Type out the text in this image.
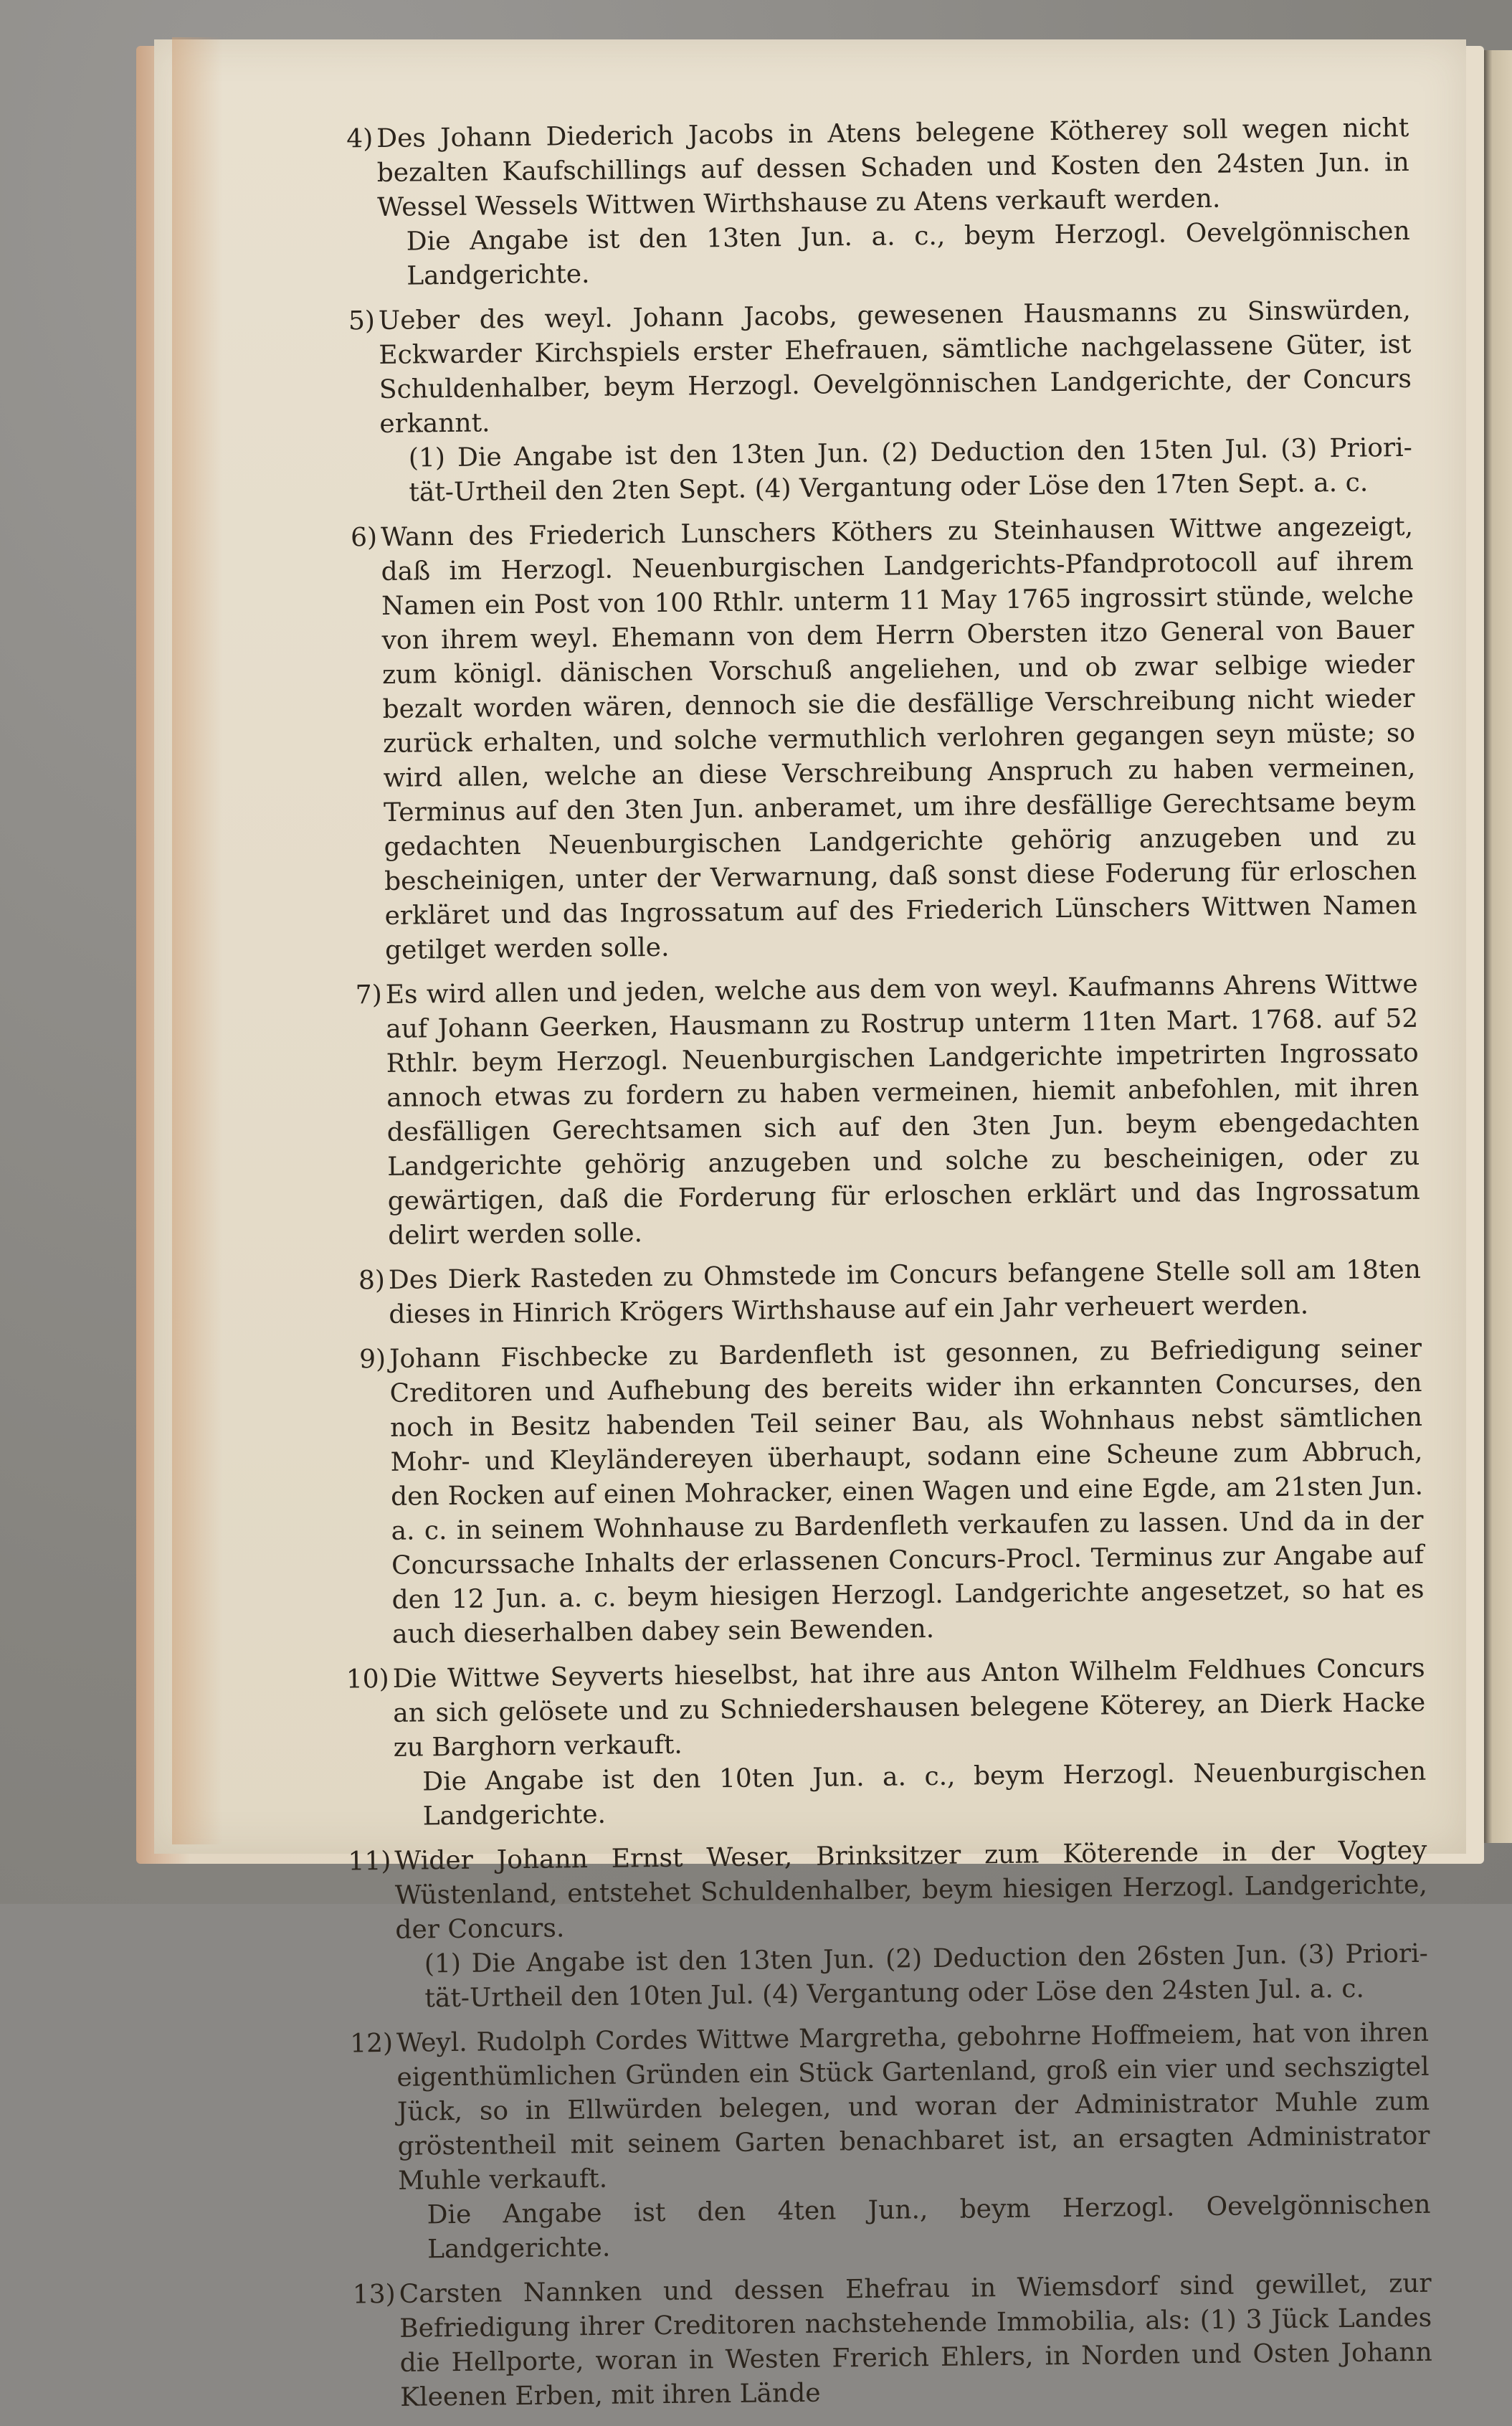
4) Des Johann Diederich Jacobs in Atens belegene Kötherey soll wegen nicht bezalten Kaufschillings auf dessen Schaden und Kosten den 24sten Jun. in Wessel Wessels Wittwen Wirthshause zu Atens verkauft werden.
Die Angabe ist den 13ten Jun. a. c., beym Herzogl. Oevelgönnischen Landgerichte.
5) Ueber des weyl. Johann Jacobs, gewesenen Hausmanns zu Sinswürden, Eckwarder Kirchspiels erster Ehefrauen, sämtliche nachgelassene Güter, ist Schuldenhalber, beym Herzogl. Oevelgönnischen Landgerichte, der Concurs erkannt.
(1) Die Angabe ist den 13ten Jun. (2) Deduction den 15ten Jul. (3) Priori- tät-Urtheil den 2ten Sept. (4) Vergantung oder Löse den 17ten Sept. a. c.
6) Wann des Friederich Lunschers Köthers zu Steinhausen Wittwe angezeigt, daß im Herzogl. Neuenburgischen Landgerichts-Pfandprotocoll auf ihrem Namen ein Post von 100 Rthlr. unterm 11 May 1765 ingrossirt stünde, welche von ihrem weyl. Ehemann von dem Herrn Obersten itzo General von Bauer zum königl. dänischen Vorschuß angeliehen, und ob zwar selbige wieder bezalt worden wären, dennoch sie die desfällige Verschreibung nicht wieder zurück erhalten, und solche vermuthlich verlohren gegangen seyn müste; so wird allen, welche an diese Verschreibung Anspruch zu haben vermeinen, Terminus auf den 3ten Jun. anberamet, um ihre desfällige Gerechtsame beym gedachten Neuenburgischen Landgerichte gehörig anzugeben und zu bescheinigen, unter der Verwarnung, daß sonst diese Foderung für erloschen erkläret und das Ingrossatum auf des Friederich Lünschers Wittwen Namen getilget werden solle.
7) Es wird allen und jeden, welche aus dem von weyl. Kaufmanns Ahrens Wittwe auf Johann Geerken, Hausmann zu Rostrup unterm 11ten Mart. 1768. auf 52 Rthlr. beym Herzogl. Neuenburgischen Landgerichte impetrirten Ingrossato annoch etwas zu fordern zu haben vermeinen, hiemit anbefohlen, mit ihren desfälligen Gerechtsamen sich auf den 3ten Jun. beym ebengedachten Landgerichte gehörig anzugeben und solche zu bescheinigen, oder zu gewärtigen, daß die Forderung für erloschen erklärt und das Ingrossatum delirt werden solle.
8) Des Dierk Rasteden zu Ohmstede im Concurs befangene Stelle soll am 18ten dieses in Hinrich Krögers Wirthshause auf ein Jahr verheuert werden.
9) Johann Fischbecke zu Bardenfleth ist gesonnen, zu Befriedigung seiner Creditoren und Aufhebung des bereits wider ihn erkannten Concurses, den noch in Besitz habenden Teil seiner Bau, als Wohnhaus nebst sämtlichen Mohr- und Kleyländereyen überhaupt, sodann eine Scheune zum Abbruch, den Rocken auf einen Mohracker, einen Wagen und eine Egde, am 21sten Jun. a. c. in seinem Wohnhause zu Bardenfleth verkaufen zu lassen. Und da in der Concurssache Inhalts der erlassenen Concurs-Procl. Terminus zur Angabe auf den 12 Jun. a. c. beym hiesigen Herzogl. Landgerichte angesetzet, so hat es auch dieserhalben dabey sein Bewenden.
10) Die Wittwe Seyverts hieselbst, hat ihre aus Anton Wilhelm Feldhues Concurs an sich gelösete und zu Schniedershausen belegene Köterey, an Dierk Hacke zu Barghorn verkauft.
Die Angabe ist den 10ten Jun. a. c., beym Herzogl. Neuenburgischen Landgerichte.
11) Wider Johann Ernst Weser, Brinksitzer zum Köterende in der Vogtey Wüstenland, entstehet Schuldenhalber, beym hiesigen Herzogl. Landgerichte, der Concurs.
(1) Die Angabe ist den 13ten Jun. (2) Deduction den 26sten Jun. (3) Priori- tät-Urtheil den 10ten Jul. (4) Vergantung oder Löse den 24sten Jul. a. c.
12) Weyl. Rudolph Cordes Wittwe Margretha, gebohrne Hoffmeiem, hat von ihren eigenthümlichen Gründen ein Stück Gartenland, groß ein vier und sechszigtel Jück, so in Ellwürden belegen, und woran der Administrator Muhle zum gröstentheil mit seinem Garten benachbaret ist, an ersagten Administrator Muhle verkauft.
Die Angabe ist den 4ten Jun., beym Herzogl. Oevelgönnischen Landgerichte.
13) Carsten Nannken und dessen Ehefrau in Wiemsdorf sind gewillet, zur Befriedigung ihrer Creditoren nachstehende Immobilia, als: (1) 3 Jück Landes die Hellporte, woran in Westen Frerich Ehlers, in Norden und Osten Johann Kleenen Erben, mit ihren Lände
